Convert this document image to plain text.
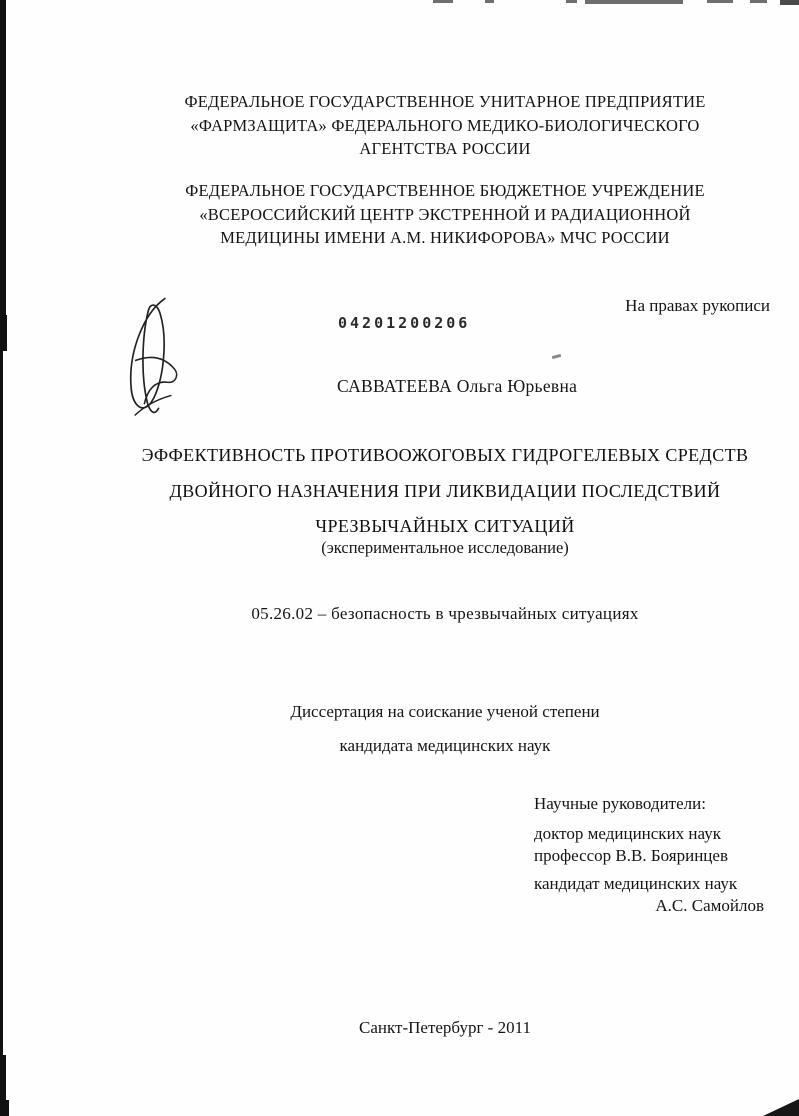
ФЕДЕРАЛЬНОЕ ГОСУДАРСТВЕННОЕ УНИТАРНОЕ ПРЕДПРИЯТИЕ
«ФАРМЗАЩИТА» ФЕДЕРАЛЬНОГО МЕДИКО-БИОЛОГИЧЕСКОГО
АГЕНТСТВА РОССИИ
ФЕДЕРАЛЬНОЕ ГОСУДАРСТВЕННОЕ БЮДЖЕТНОЕ УЧРЕЖДЕНИЕ
«ВСЕРОССИЙСКИЙ ЦЕНТР ЭКСТРЕННОЙ И РАДИАЦИОННОЙ
МЕДИЦИНЫ ИМЕНИ А.М. НИКИФОРОВА» МЧС РОССИИ
На правах рукописи
04201200206
САВВАТЕЕВА Ольга Юрьевна
ЭФФЕКТИВНОСТЬ ПРОТИВООЖОГОВЫХ ГИДРОГЕЛЕВЫХ СРЕДСТВ
ДВОЙНОГО НАЗНАЧЕНИЯ ПРИ ЛИКВИДАЦИИ ПОСЛЕДСТВИЙ
ЧРЕЗВЫЧАЙНЫХ СИТУАЦИЙ
(экспериментальное исследование)
05.26.02 – безопасность в чрезвычайных ситуациях
Диссертация на соискание ученой степени
кандидата медицинских наук
Научные руководители:
доктор медицинских наук
профессор В.В. Бояринцев
кандидат медицинских наук
А.С. Самойлов
Санкт-Петербург - 2011
